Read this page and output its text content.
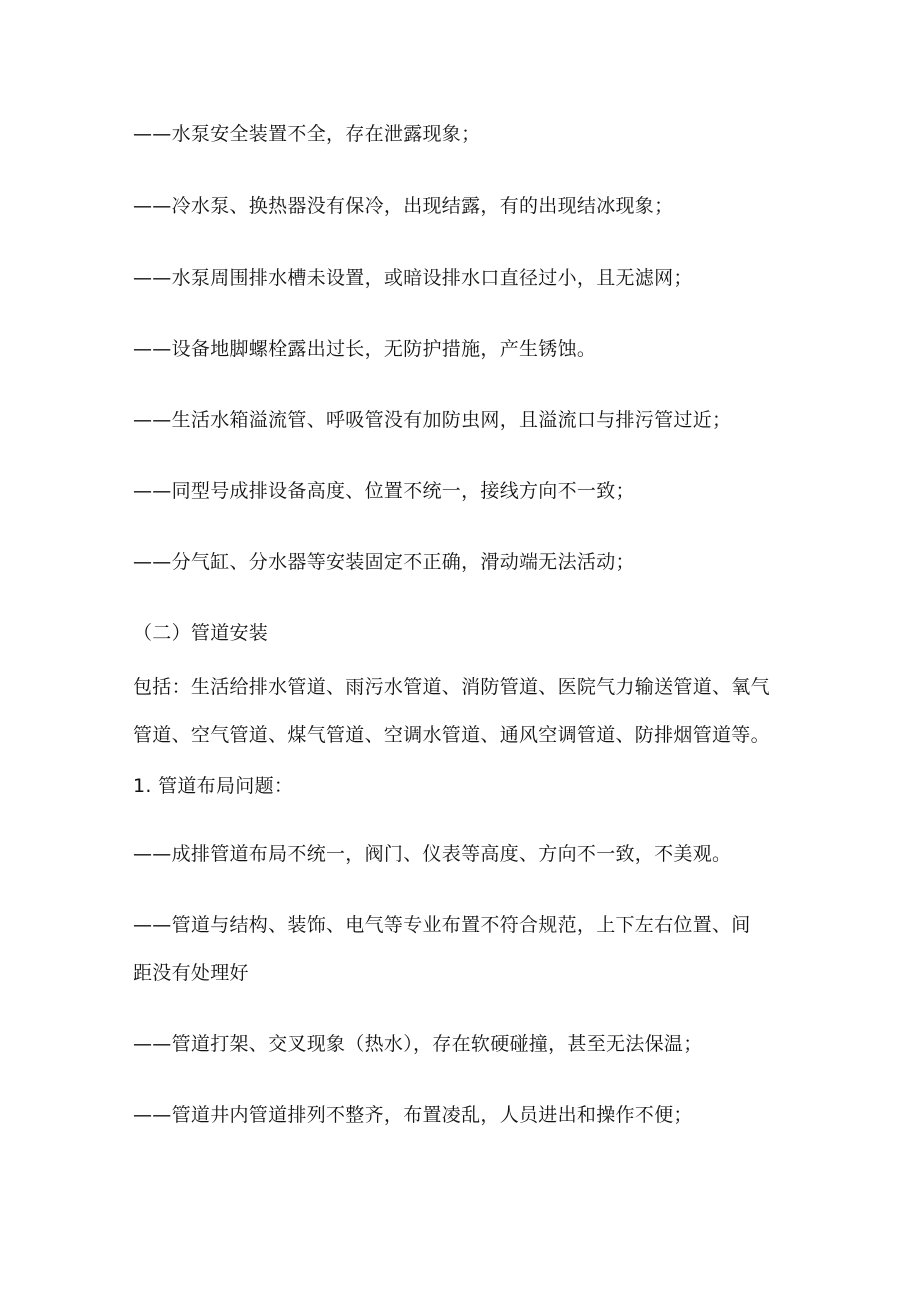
——水泵安全装置不全，存在泄露现象；
——冷水泵、换热器没有保冷，出现结露，有的出现结冰现象；
——水泵周围排水槽未设置，或暗设排水口直径过小，且无滤网；
——设备地脚螺栓露出过长，无防护措施，产生锈蚀。
——生活水箱溢流管、呼吸管没有加防虫网，且溢流口与排污管过近；
——同型号成排设备高度、位置不统一，接线方向不一致；
——分气缸、分水器等安装固定不正确，滑动端无法活动；
（二）管道安装
包括：生活给排水管道、雨污水管道、消防管道、医院气力输送管道、氧气
管道、空气管道、煤气管道、空调水管道、通风空调管道、防排烟管道等。
1. 管道布局问题：
——成排管道布局不统一，阀门、仪表等高度、方向不一致，不美观。
——管道与结构、装饰、电气等专业布置不符合规范，上下左右位置、间
距没有处理好
——管道打架、交叉现象（热水），存在软硬碰撞，甚至无法保温；
——管道井内管道排列不整齐，布置凌乱，人员进出和操作不便；
